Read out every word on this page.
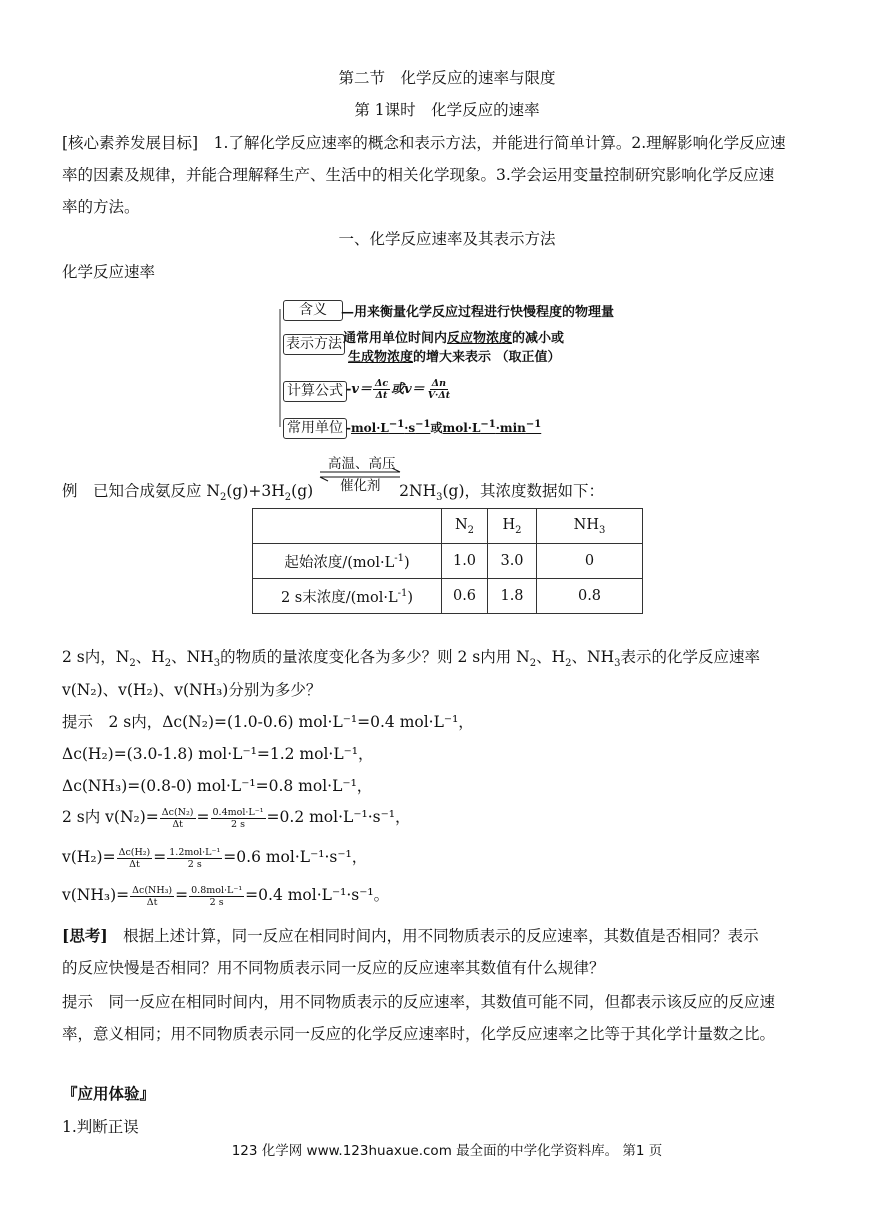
第二节　化学反应的速率与限度
第 1课时　化学反应的速率
[核心素养发展目标]　1.了解化学反应速率的概念和表示方法，并能进行简单计算。2.理解影响化学反应速
率的因素及规律，并能合理解释生产、生活中的相关化学现象。3.学会运用变量控制研究影响化学反应速
率的方法。
一、化学反应速率及其表示方法
化学反应速率
含义	—用来衡量化学反应过程进行快慢程度的物理量
表示方法 通常用单位时间内反应物浓度的减小或
生成物浓度的增大来表示 （取正值）
计算公式 $-v= \frac{\Delta c}{\Delta t}$ 或$v= \frac{\Delta n}{V\cdot\Delta t}$
常用单位 $-mol\cdot L^{-1}\cdot s^{-1}$或$mol\cdot L^{-1}\cdot\min^{-1}$
高温、高压
催化剂
例　已知合成氨反应 $N_2(g)+3H_2(g)$	$2NH_3(g)$，其浓度数据如下：
	$N_2$	$H_2$	$NH_3$
起始浓度$/(mol\cdot L^{-1})$	1.0	3.0	0
2 s末浓度$/(mol\cdot L^{-1})$	0.6	1.8	0.8
2 s内，$N_2$、$H_2$、$NH_3$的物质的量浓度变化各为多少？则 2 s内用 $N_2$、$H_2$、$NH_3$表示的化学反应速率
v(N₂)、v(H₂)、v(NH₃)分别为多少？
提示　2 s内，Δc(N₂)=(1.0-0.6) mol·L⁻¹=0.4 mol·L⁻¹，
Δc(H₂)=(3.0-1.8) mol·L⁻¹=1.2 mol·L⁻¹，
Δc(NH₃)=(0.8-0) mol·L⁻¹=0.8 mol·L⁻¹，
2 s内 $v(N_2)= \frac{\text{Δc(N₂)}}{\Delta t} = \frac{\text{0.4mol·L⁻¹}}{2 s} =0.2$ mol·L⁻¹·s⁻¹，
$v(H_2)= \frac{\text{Δc(H₂)}}{\Delta t} = \frac{\text{1.2mol·L⁻¹}}{2 s} =0.6$ mol·L⁻¹·s⁻¹，
$v(NH_3)= \frac{\text{Δc(NH₃)}}{\Delta t} = \frac{\text{0.8mol·L⁻¹}}{2 s} =0.4$ mol·L⁻¹·s⁻¹。
[思考]　根据上述计算，同一反应在相同时间内，用不同物质表示的反应速率，其数值是否相同？表示
的反应快慢是否相同？用不同物质表示同一反应的反应速率其数值有什么规律？
提示　同一反应在相同时间内，用不同物质表示的反应速率，其数值可能不同，但都表示该反应的反应速
率，意义相同；用不同物质表示同一反应的化学反应速率时，化学反应速率之比等于其化学计量数之比。
『应用体验』
1.判断正误
123 化学网 www.123huaxue.com 最全面的中学化学资料库。 第1 页
